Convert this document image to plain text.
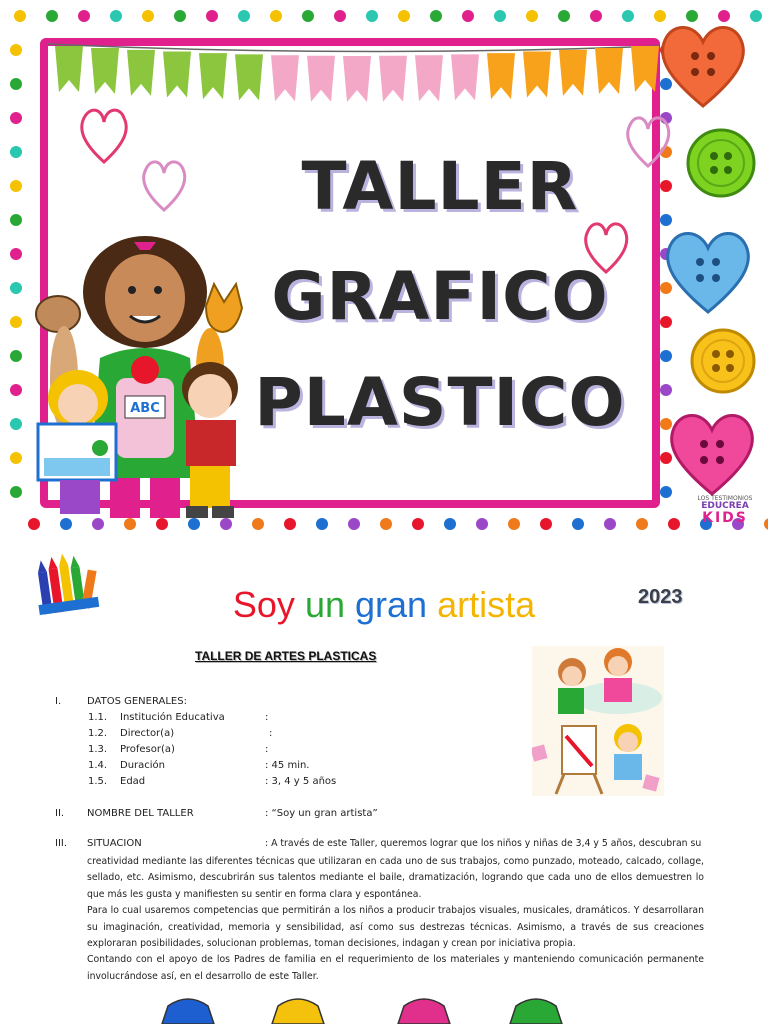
ABC
TALLER
GRAFICO
PLASTICO
LOS TESTIMONIOS
EDUCREA
KIDS
Soy un gran artista	2023
TALLER DE ARTES PLASTICAS
I.	DATOS GENERALES:
1.1. Institución Educativa	:
1.2. Director(a)	:
1.3. Profesor(a)	:
1.4. Duración	: 45 min.
1.5. Edad	: 3, 4 y 5 años
II. NOMBRE DEL TALLER	: “Soy un gran artista”
III. SITUACION	: A través de este Taller, queremos lograr que los niños y niñas de 3,4 y 5 años, descubran su

creatividad mediante las diferentes técnicas que utilizaran en cada uno de sus trabajos, como punzado, moteado, calcado, collage, sellado, etc. Asimismo, descubrirán sus talentos mediante el baile, dramatización, logrando que cada uno de ellos demuestren lo que más les gusta y manifiesten su sentir en forma clara y espontánea.

Para lo cual usaremos competencias que permitirán a los niños a producir trabajos visuales, musicales, dramáticos. Y desarrollaran su imaginación, creatividad, memoria y sensibilidad, así como sus destrezas técnicas. Asimismo, a través de sus creaciones exploraran posibilidades, solucionan problemas, toman decisiones, indagan y crean por iniciativa propia.

Contando con el apoyo de los Padres de familia en el requerimiento de los materiales y manteniendo comunicación permanente involucrándose así, en el desarrollo de este Taller.
